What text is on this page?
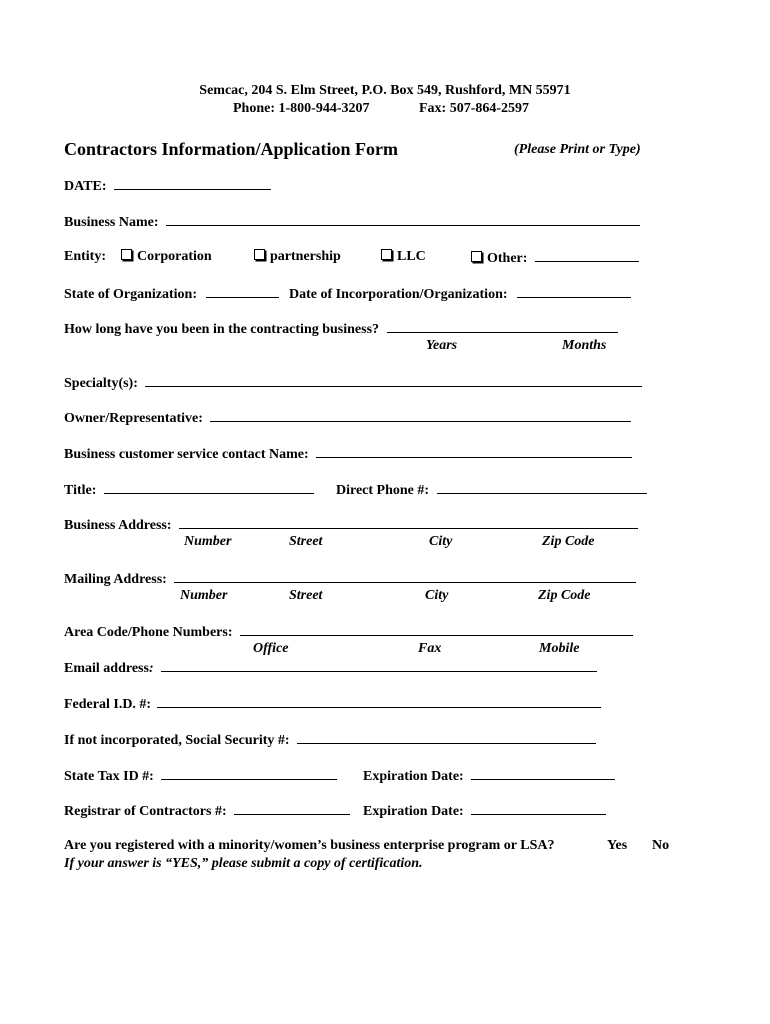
Semcac, 204 S. Elm Street, P.O. Box 549, Rushford, MN 55971
Phone: 1-800-944-3207	Fax: 507-864-2597
Contractors Information/Application Form	(Please Print or Type)
DATE:
Business Name:
Entity:	Corporation	partnership	LLC	Other:
State of Organization:	Date of Incorporation/Organization:
How long have you been in the contracting business?
Years	Months
Specialty(s):
Owner/Representative:
Business customer service contact Name:
Title:	Direct Phone #:
Business Address:
Number	Street	City	Zip Code
Mailing Address:
Number	Street	City	Zip Code
Area Code/Phone Numbers:
Office	Fax	Mobile
Email address:
Federal I.D. #:
If not incorporated, Social Security #:
State Tax ID #:	Expiration Date:
Registrar of Contractors #:	Expiration Date:
Are you registered with a minority/women’s business enterprise program or LSA?	Yes No
If your answer is “YES,” please submit a copy of certification.
